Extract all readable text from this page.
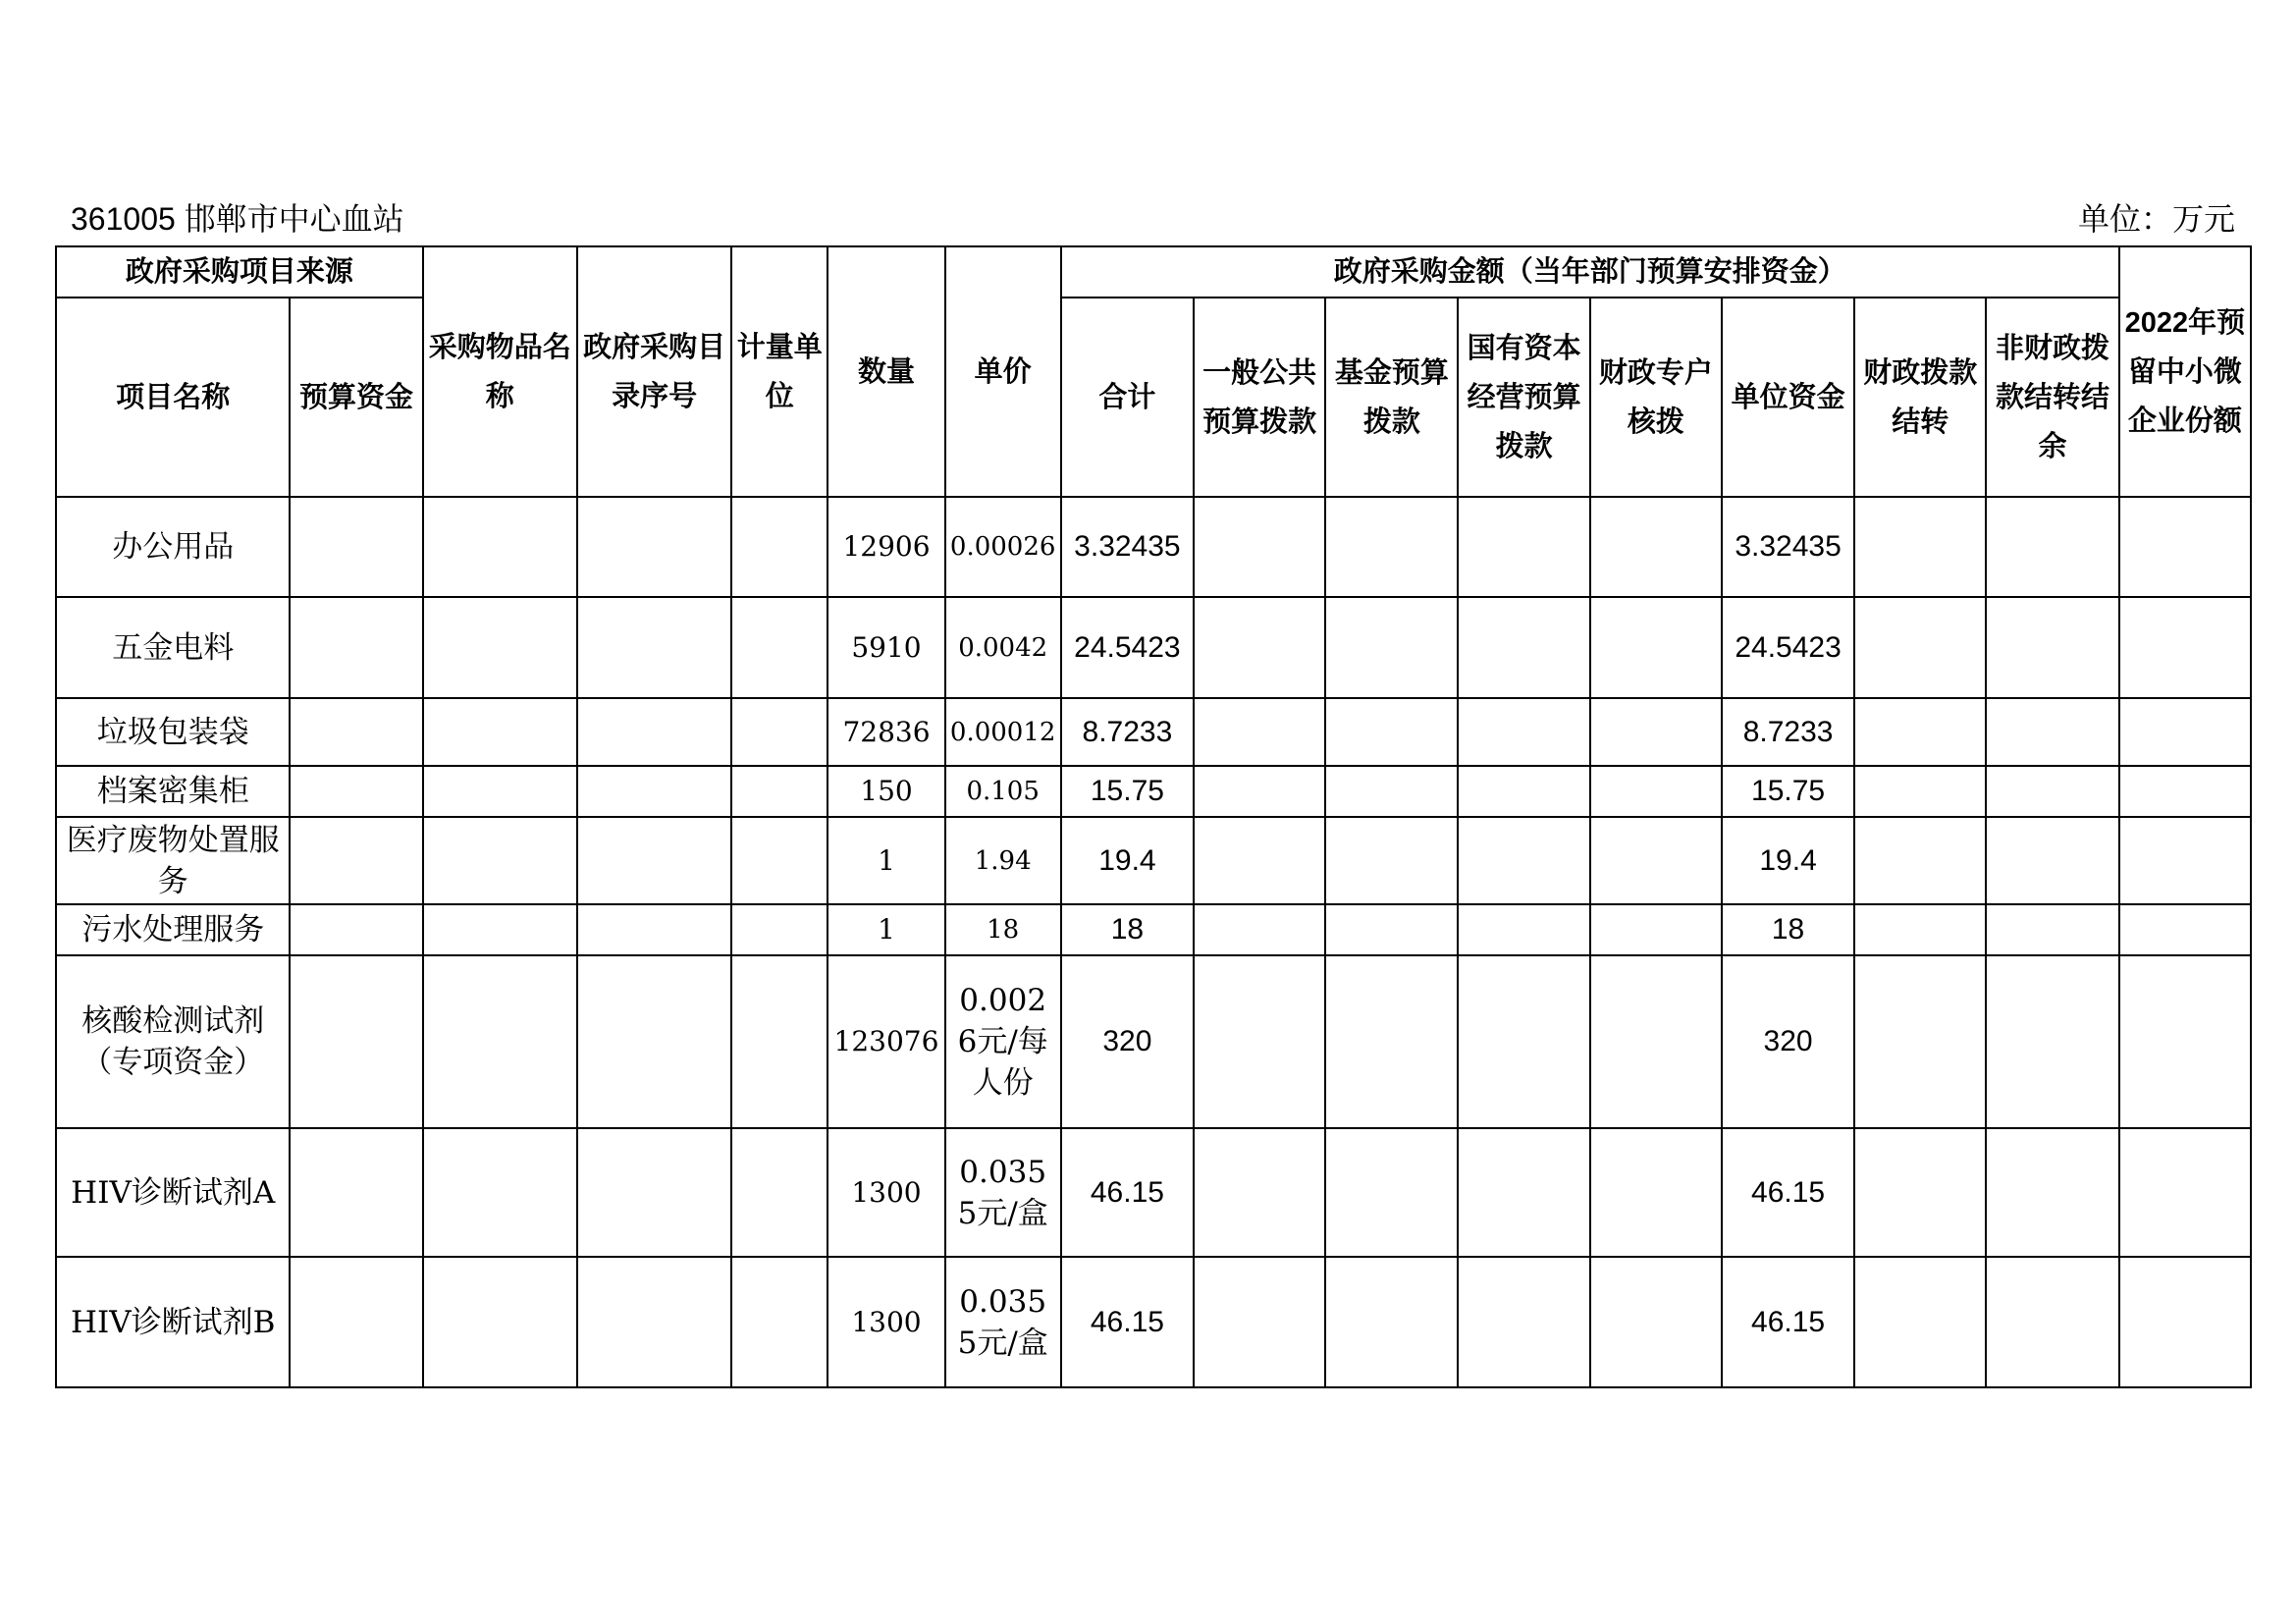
361005 邯郸市中心血站	单位：万元
政府采购项目来源		采购物品名称	政府采购目录序号	计量单位	数量	单价	政府采购金额（当年部门预算安排资金）								2022年预留中小微企业份额
项目名称	预算资金						合计	一般公共预算拨款	基金预算拨款	国有资本经营预算拨款	财政专户核拨	单位资金	财政拨款结转	非财政拨款结转结余	
办公用品					12906	0.00026	3.32435					3.32435			
五金电料					5910	0.0042	24.5423					24.5423			
垃圾包装袋					72836	0.00012	8.7233					8.7233			
档案密集柜					150	0.105	15.75					15.75			
医疗废物处置服务					1	1.94	19.4					19.4			
污水处理服务					1	18	18					18			
核酸检测试剂（专项资金）					123076	0.0026元/每人份	320					320			
HIV诊断试剂A					1300	0.0355元/盒	46.15					46.15			
HIV诊断试剂B					1300	0.0355元/盒	46.15					46.15			
